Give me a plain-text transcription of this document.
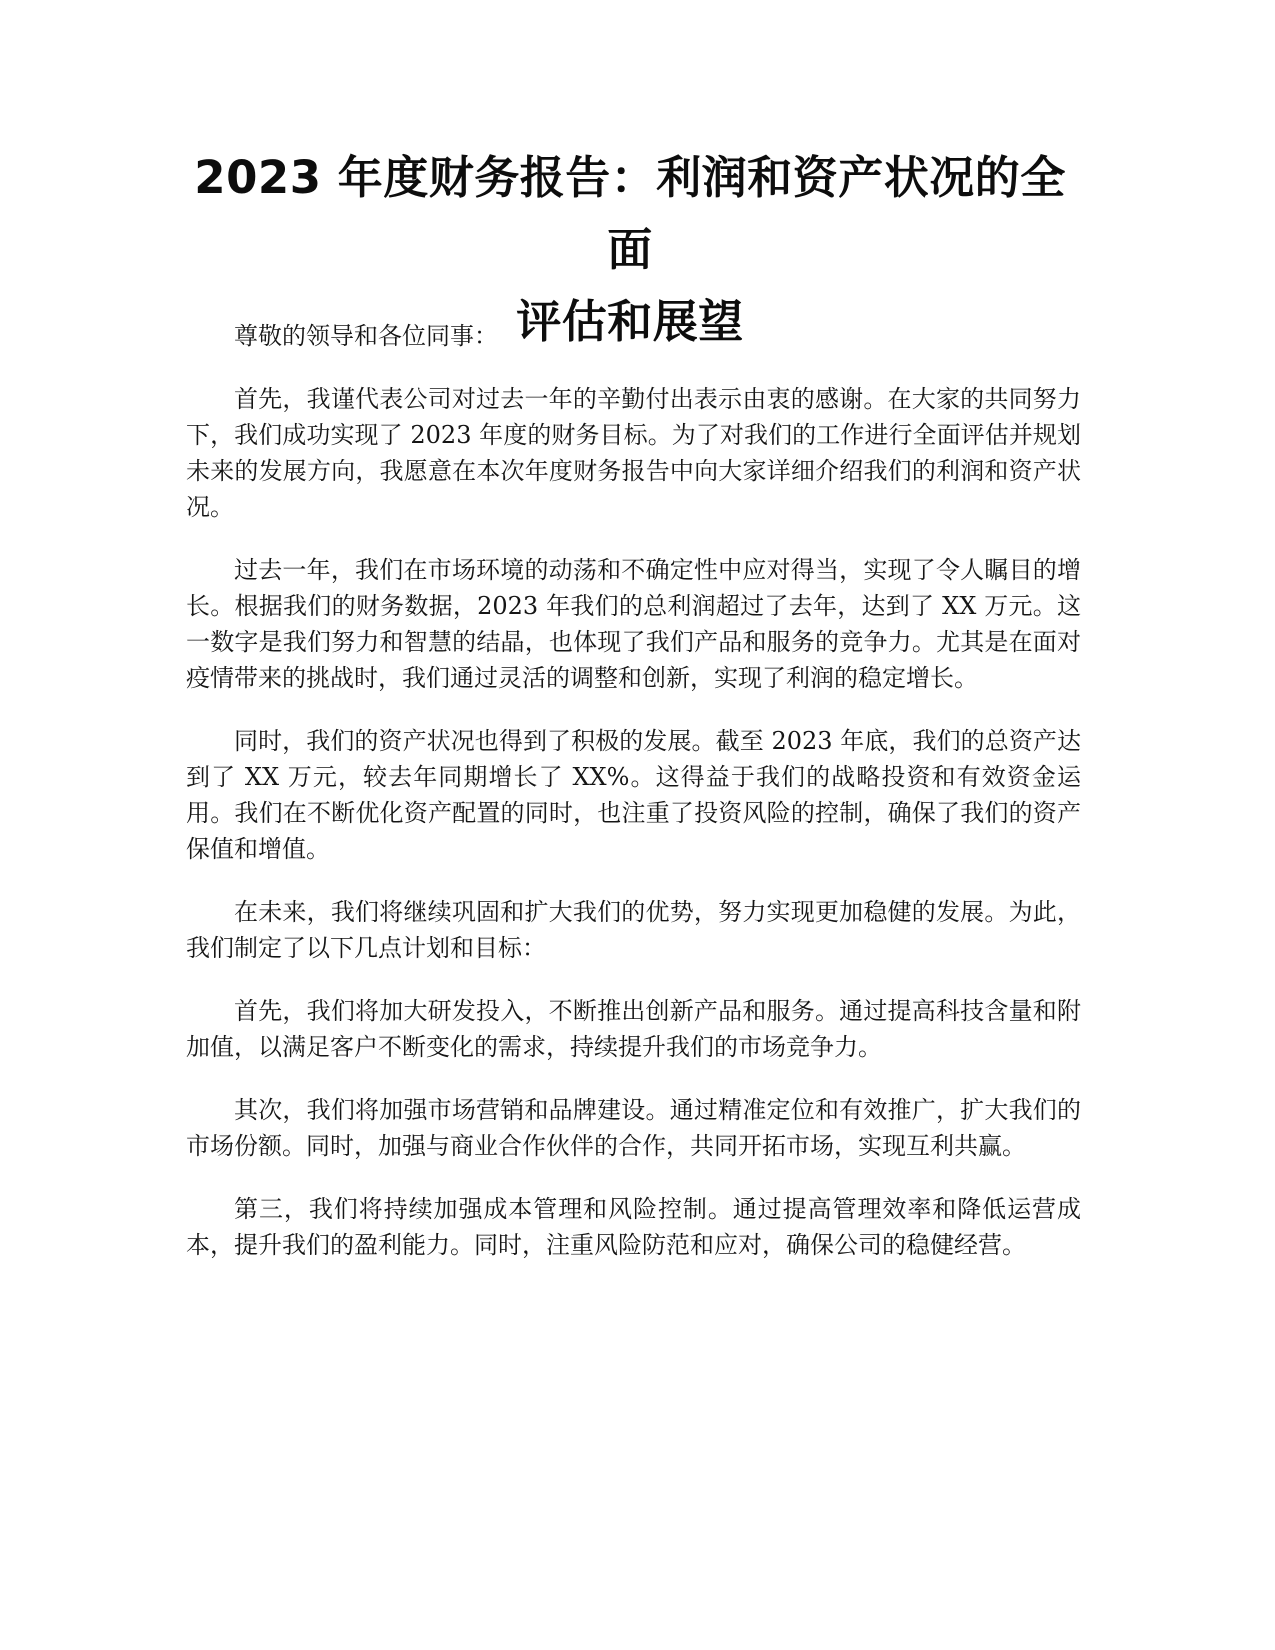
2023 年度财务报告：利润和资产状况的全面
评估和展望

尊敬的领导和各位同事：

首先，我谨代表公司对过去一年的辛勤付出表示由衷的感谢。在大家的共同努力下，我们成功实现了 2023 年度的财务目标。为了对我们的工作进行全面评估并规划未来的发展方向，我愿意在本次年度财务报告中向大家详细介绍我们的利润和资产状况。

过去一年，我们在市场环境的动荡和不确定性中应对得当，实现了令人瞩目的增长。根据我们的财务数据，2023 年我们的总利润超过了去年，达到了 XX 万元。这一数字是我们努力和智慧的结晶，也体现了我们产品和服务的竞争力。尤其是在面对疫情带来的挑战时，我们通过灵活的调整和创新，实现了利润的稳定增长。

同时，我们的资产状况也得到了积极的发展。截至 2023 年底，我们的总资产达到了 XX 万元，较去年同期增长了 XX%。这得益于我们的战略投资和有效资金运用。我们在不断优化资产配置的同时，也注重了投资风险的控制，确保了我们的资产保值和增值。

在未来，我们将继续巩固和扩大我们的优势，努力实现更加稳健的发展。为此，我们制定了以下几点计划和目标：

首先，我们将加大研发投入，不断推出创新产品和服务。通过提高科技含量和附加值，以满足客户不断变化的需求，持续提升我们的市场竞争力。

其次，我们将加强市场营销和品牌建设。通过精准定位和有效推广，扩大我们的市场份额。同时，加强与商业合作伙伴的合作，共同开拓市场，实现互利共赢。

第三，我们将持续加强成本管理和风险控制。通过提高管理效率和降低运营成本，提升我们的盈利能力。同时，注重风险防范和应对，确保公司的稳健经营。
